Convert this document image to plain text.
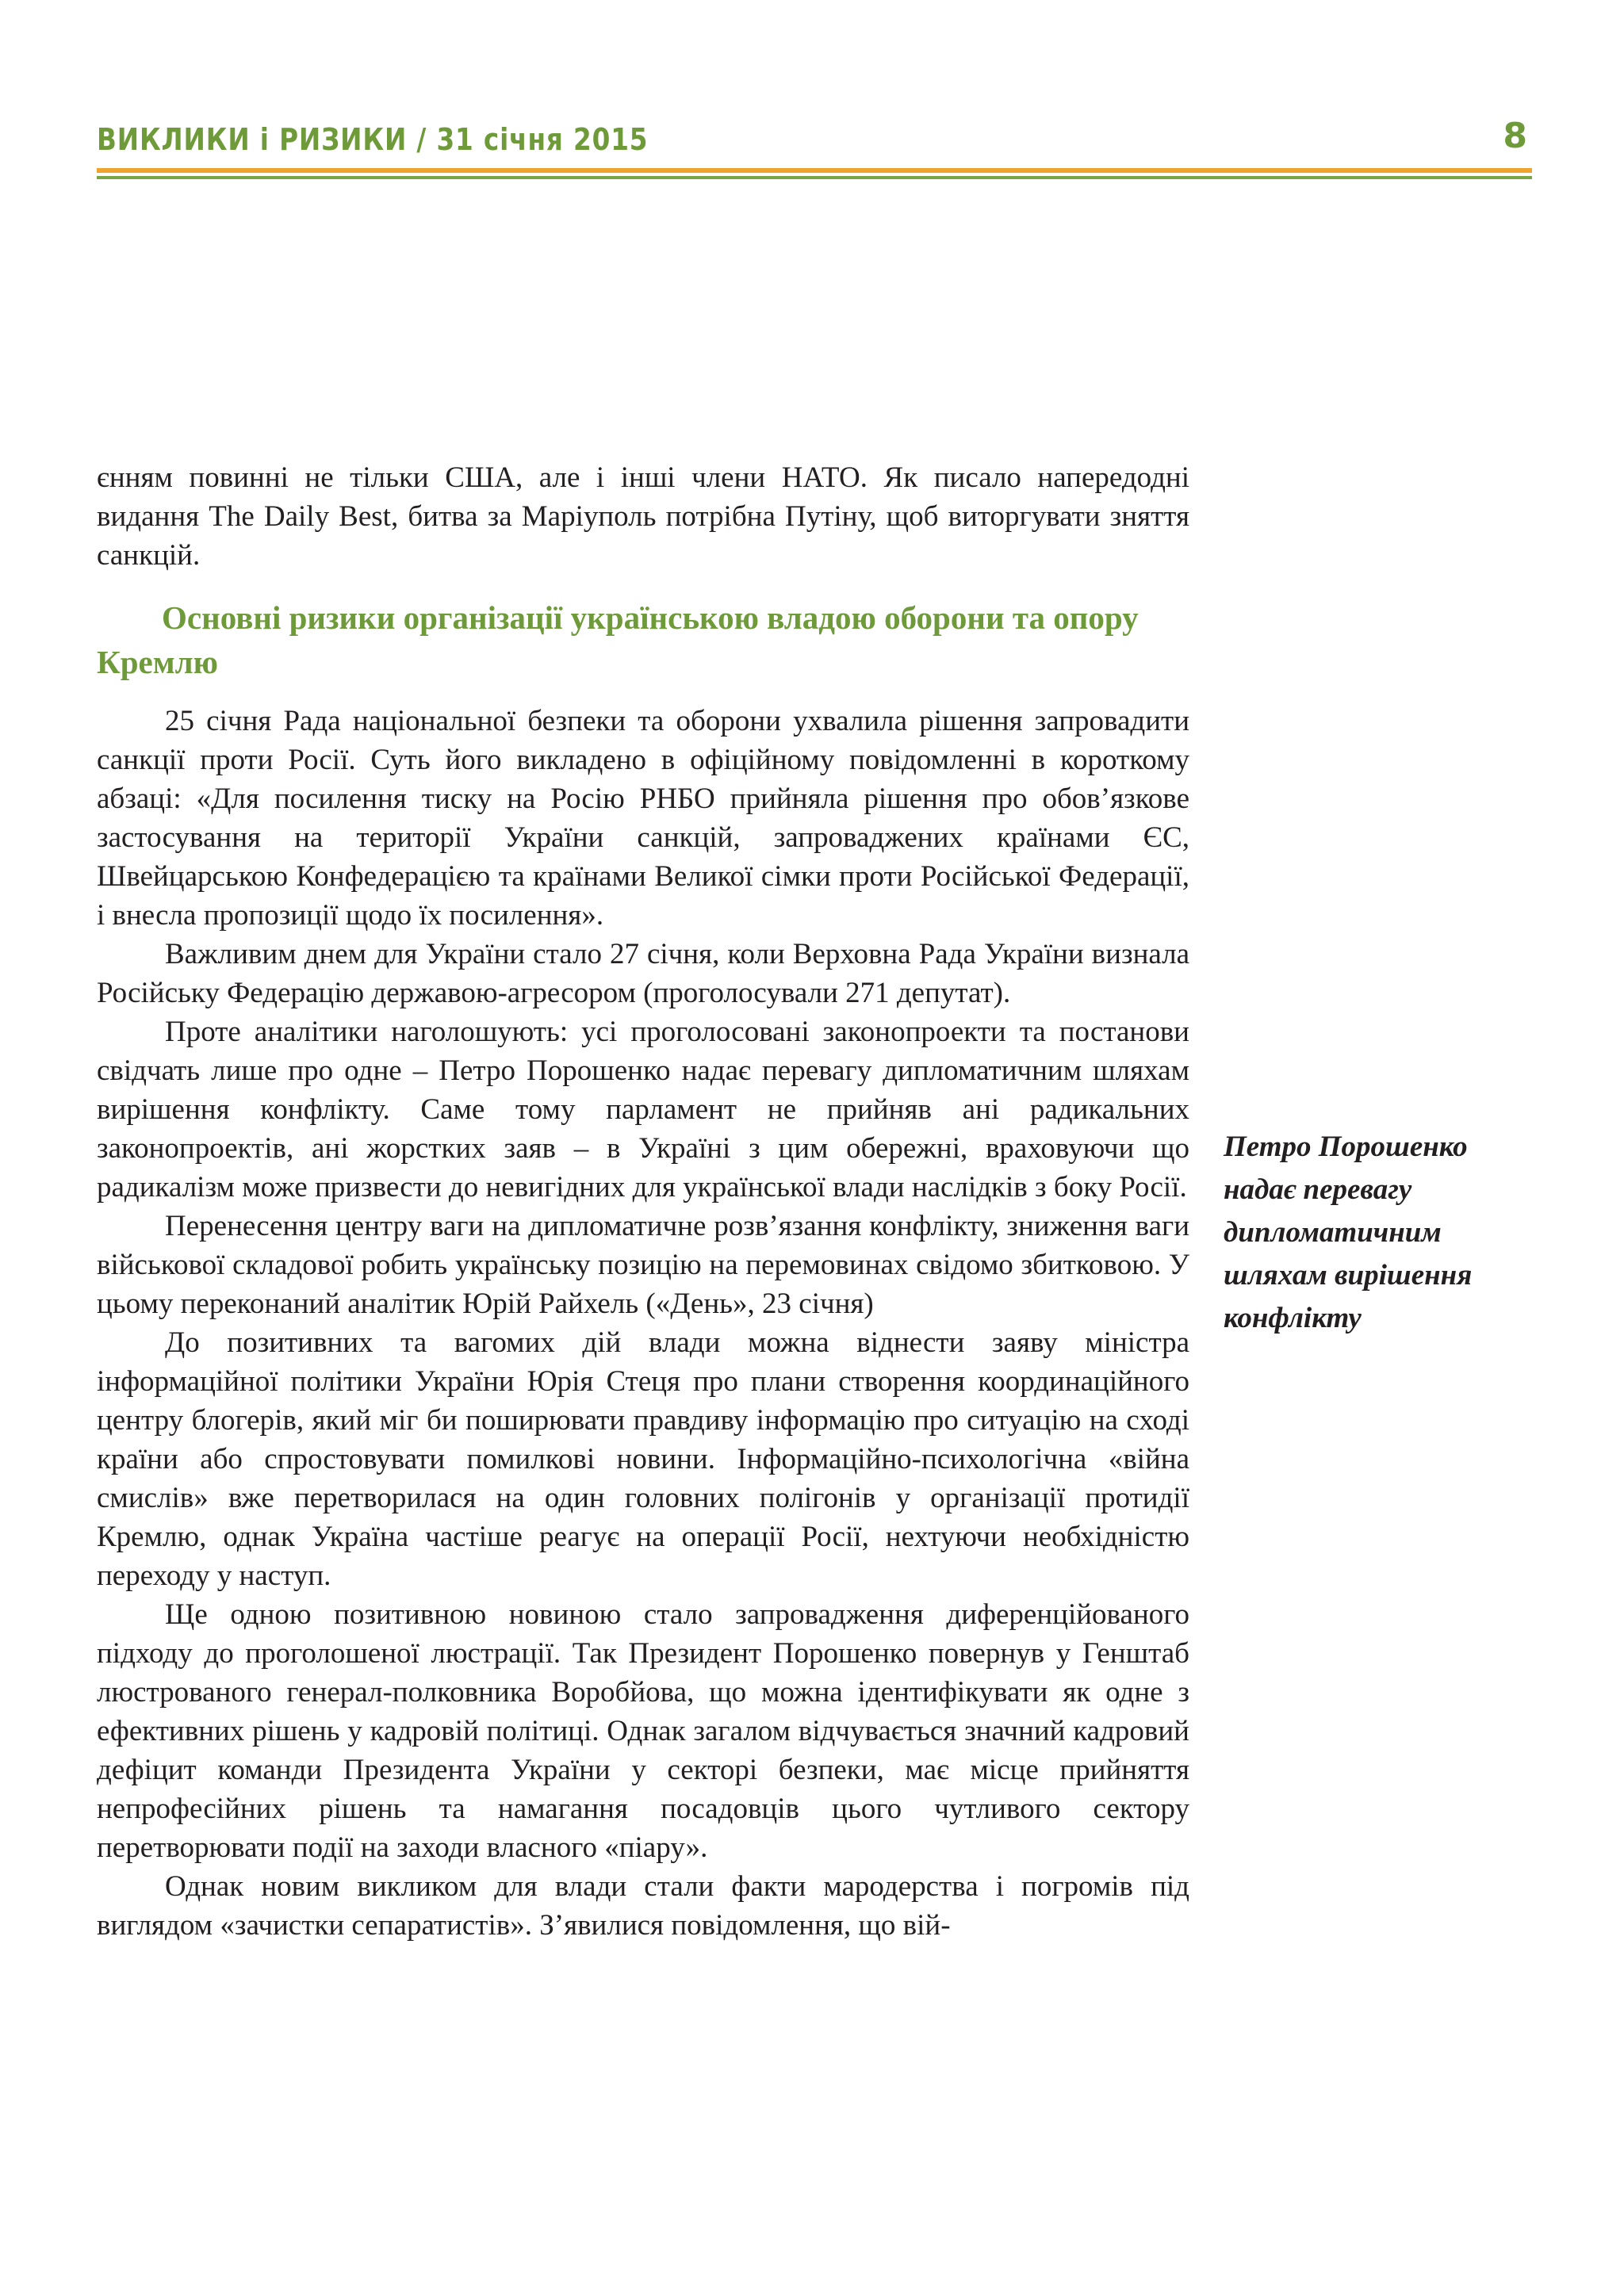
ВИКЛИКИ і РИЗИКИ / 31 січня 2015	8

єнням повинні не тільки США, але і інші члени НАТО. Як писало напередодні видання The Daily Best, битва за Маріуполь потрібна Путіну, щоб виторгувати зняття санкцій.

Основні ризики організації українською владою оборони та опору Кремлю

25 січня Рада національної безпеки та оборони ухвалила рішення запровадити санкції проти Росії. Суть його викладено в офіційному повідомленні в короткому абзаці: «Для посилення тиску на Росію РНБО прийняла рішення про обов’язкове застосування на території України санкцій, запроваджених країнами ЄС, Швейцарською Конфедерацією та країнами Великої сімки проти Російської Федерації, і внесла пропозиції щодо їх посилення».

Важливим днем для України стало 27 січня, коли Верховна Рада України визнала Російську Федерацію державою-агресором (проголосували 271 депутат).

Проте аналітики наголошують: усі проголосовані законопроекти та постанови свідчать лише про одне – Петро Порошенко надає перевагу дипломатичним шляхам вирішення конфлікту. Саме тому парламент не прийняв ані радикальних законопроектів, ані жорстких заяв – в Україні з цим обережні, враховуючи що радикалізм може призвести до невигідних для української влади наслідків з боку Росії.

Перенесення центру ваги на дипломатичне розв’язання конфлікту, зниження ваги військової складової робить українську позицію на перемовинах свідомо збитковою. У цьому переконаний аналітик Юрій Райхель («День», 23 січня)

До позитивних та вагомих дій влади можна віднести заяву міністра інформаційної політики України Юрія Стеця про плани створення координаційного центру блогерів, який міг би поширювати правдиву інформацію про ситуацію на сході країни або спростовувати помилкові новини. Інформаційно-психологічна «війна смислів» вже перетворилася на один головних полігонів у організації протидії Кремлю, однак Україна частіше реагує на операції Росії, нехтуючи необхідністю переходу у наступ.

Ще одною позитивною новиною стало запровадження диференційованого підходу до проголошеної люстрації. Так Президент Порошенко повернув у Генштаб люстрованого генерал-полковника Воробйова, що можна ідентифікувати як одне з ефективних рішень у кадровій політиці. Однак загалом відчувається значний кадровий дефіцит команди Президента України у секторі безпеки, має місце прийняття непрофесійних рішень та намагання посадовців цього чутливого сектору перетворювати події на заходи власного «піару».

Однак новим викликом для влади стали факти мародерства і погромів під виглядом «зачистки сепаратистів». З’явилися повідомлення, що вій-

Петро Порошенко надає перевагу дипломатичним шляхам вирішення конфлікту
